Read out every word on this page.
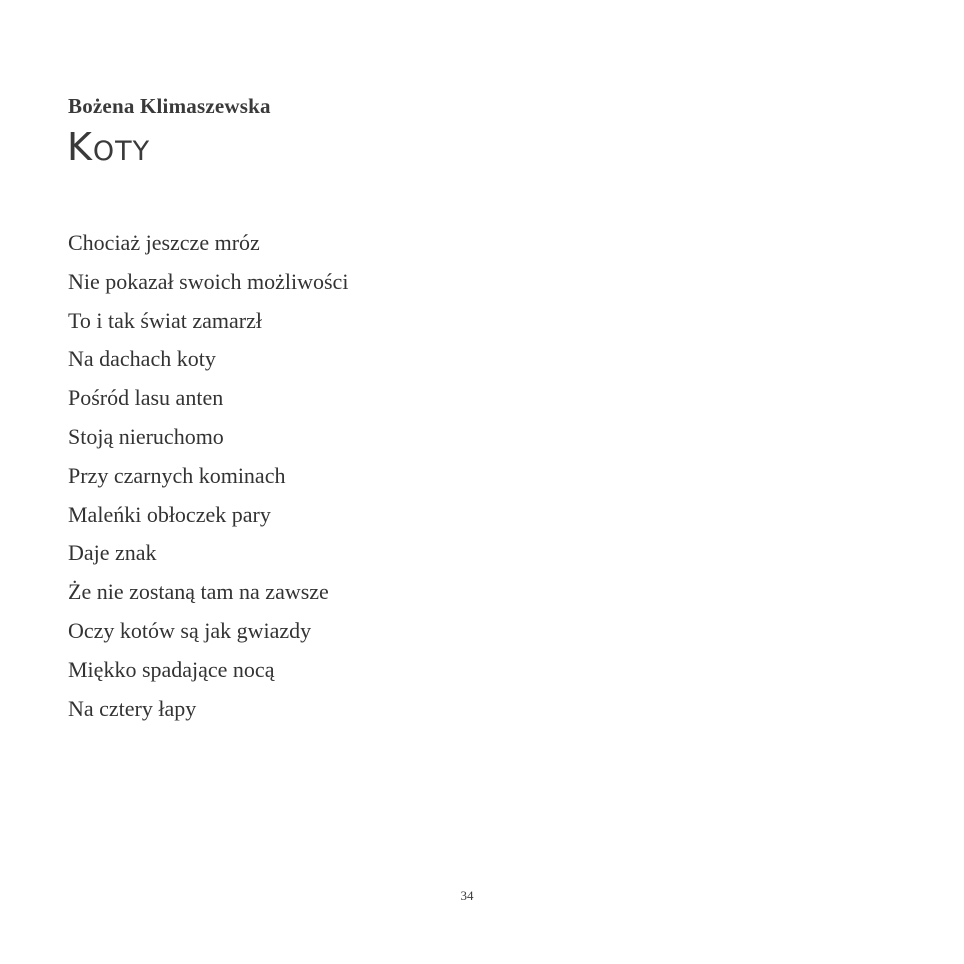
Bożena Klimaszewska
Koty
Chociaż jeszcze mróz
Nie pokazał swoich możliwości
To i tak świat zamarzł
Na dachach koty
Pośród lasu anten
Stoją nieruchomo
Przy czarnych kominach
Maleńki obłoczek pary
Daje znak
Że nie zostaną tam na zawsze
Oczy kotów są jak gwiazdy
Miękko spadające nocą
Na cztery łapy
34
